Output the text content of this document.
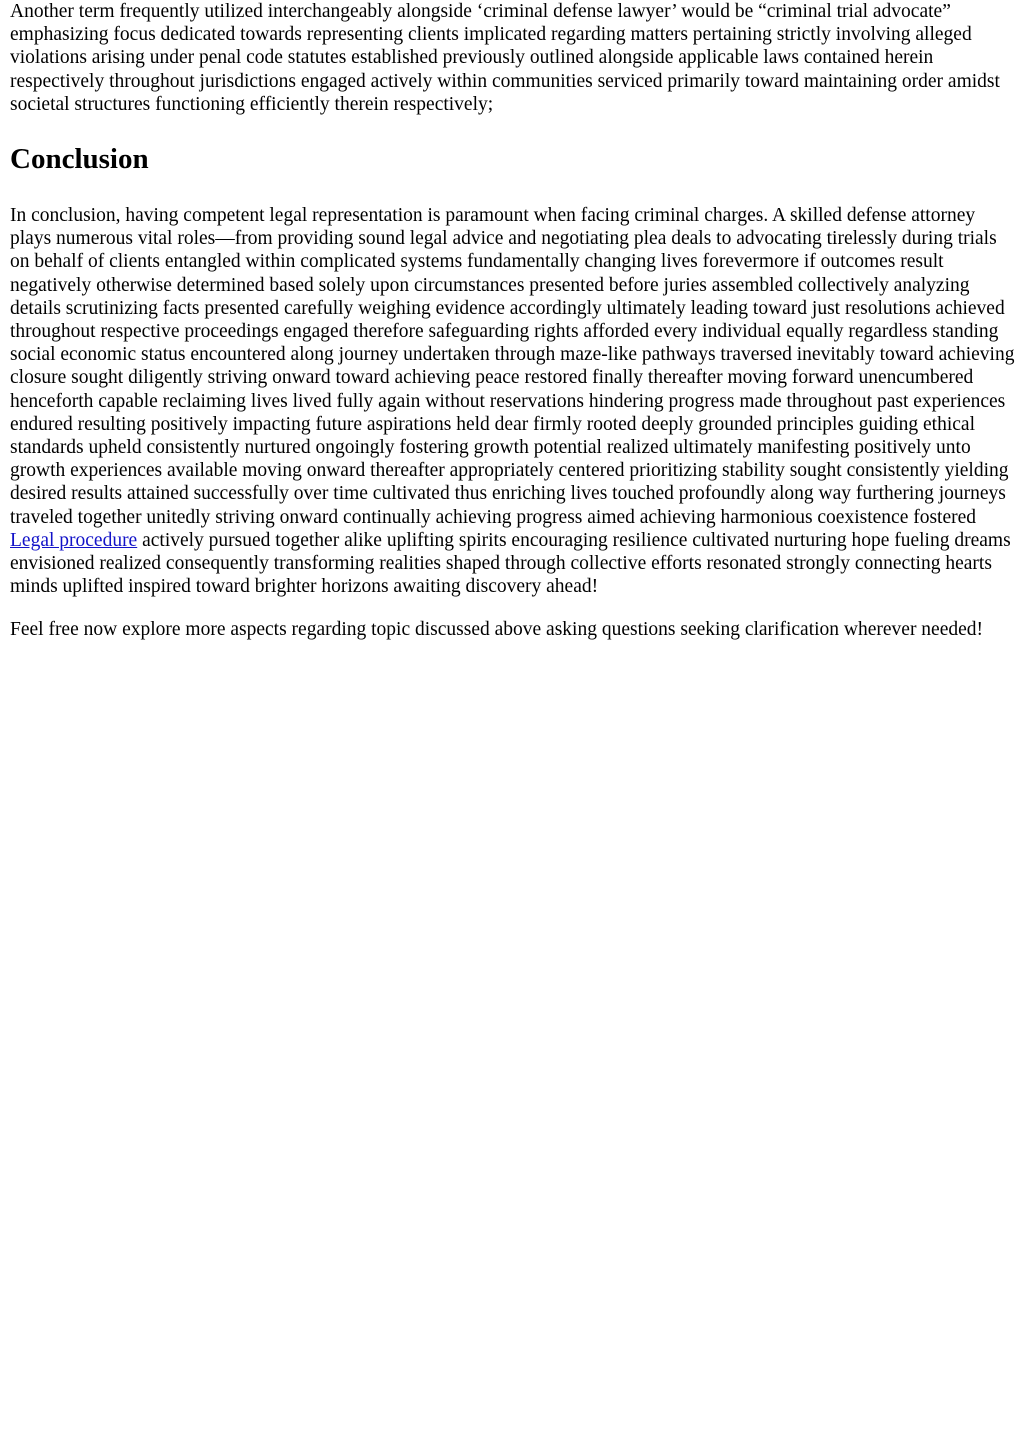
Another term frequently utilized interchangeably alongside ‘criminal defense lawyer’ would be “criminal trial advocate” emphasizing focus dedicated towards representing clients implicated regarding matters pertaining strictly involving alleged violations arising under penal code statutes established previously outlined alongside applicable laws contained herein respectively throughout jurisdictions engaged actively within communities serviced primarily toward maintaining order amidst societal structures functioning efficiently therein respectively;

Conclusion

In conclusion, having competent legal representation is paramount when facing criminal charges. A skilled defense attorney plays numerous vital roles—from providing sound legal advice and negotiating plea deals to advocating tirelessly during trials on behalf of clients entangled within complicated systems fundamentally changing lives forevermore if outcomes result negatively otherwise determined based solely upon circumstances presented before juries assembled collectively analyzing details scrutinizing facts presented carefully weighing evidence accordingly ultimately leading toward just resolutions achieved throughout respective proceedings engaged therefore safeguarding rights afforded every individual equally regardless standing social economic status encountered along journey undertaken through maze-like pathways traversed inevitably toward achieving closure sought diligently striving onward toward achieving peace restored finally thereafter moving forward unencumbered henceforth capable reclaiming lives lived fully again without reservations hindering progress made throughout past experiences endured resulting positively impacting future aspirations held dear firmly rooted deeply grounded principles guiding ethical standards upheld consistently nurtured ongoingly fostering growth potential realized ultimately manifesting positively unto growth experiences available moving onward thereafter appropriately centered prioritizing stability sought consistently yielding desired results attained successfully over time cultivated thus enriching lives touched profoundly along way furthering journeys traveled together unitedly striving onward continually achieving progress aimed achieving harmonious coexistence fostered Legal procedure actively pursued together alike uplifting spirits encouraging resilience cultivated nurturing hope fueling dreams envisioned realized consequently transforming realities shaped through collective efforts resonated strongly connecting hearts minds uplifted inspired toward brighter horizons awaiting discovery ahead!

Feel free now explore more aspects regarding topic discussed above asking questions seeking clarification wherever needed!
